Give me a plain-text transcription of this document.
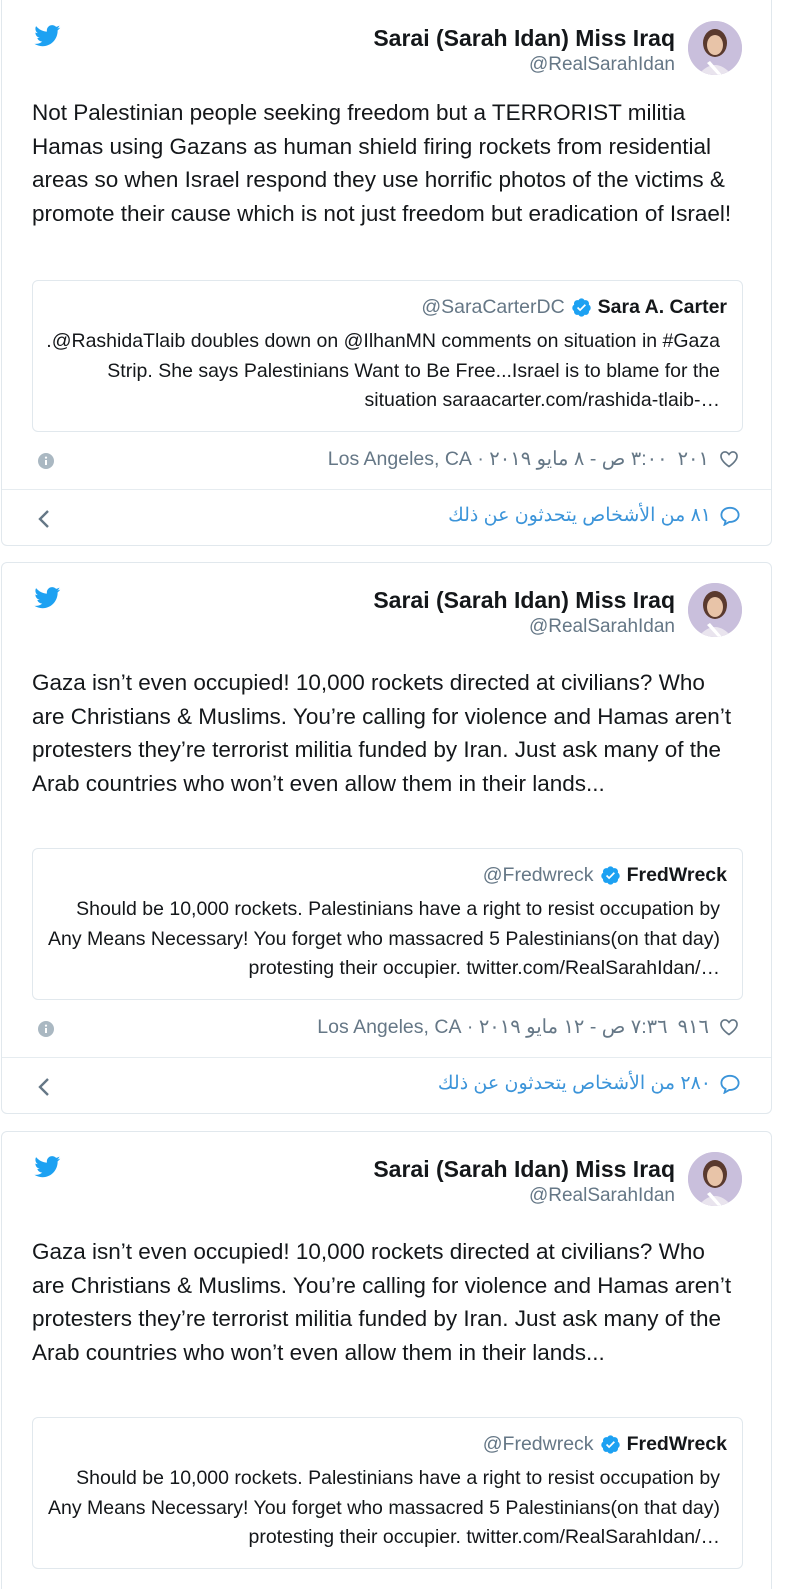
Sarai (Sarah Idan) Miss Iraq
@RealSarahIdan
Not Palestinian people seeking freedom but a TERRORIST militia Hamas using Gazans as human shield firing rockets from residential areas so when Israel respond they use horrific photos of the victims & promote their cause which is not just freedom but eradication of Israel!
@SaraCarterDC Sara A. Carter
.@RashidaTlaib doubles down on @IlhanMN comments on situation in #Gaza Strip. She says Palestinians Want to Be Free...Israel is to blame for the situation saraacarter.com/rashida-tlaib-…
٣:٠٠ ص - ٨ مايو ٢٠١٩ · Los Angeles, CA ٢٠١
٨١ من الأشخاص يتحدثون عن ذلك
Sarai (Sarah Idan) Miss Iraq
@RealSarahIdan
Gaza isn’t even occupied! 10,000 rockets directed at civilians? Who are Christians & Muslims. You’re calling for violence and Hamas aren’t protesters they’re terrorist militia funded by Iran. Just ask many of the Arab countries who won’t even allow them in their lands...
@Fredwreck FredWreck
Should be 10,000 rockets. Palestinians have a right to resist occupation by Any Means Necessary! You forget who massacred 5 Palestinians(on that day) protesting their occupier. twitter.com/RealSarahIdan/…
٧:٣٦ ص - ١٢ مايو ٢٠١٩ · Los Angeles, CA ٩١٦
٢٨٠ من الأشخاص يتحدثون عن ذلك
Sarai (Sarah Idan) Miss Iraq
@RealSarahIdan
Gaza isn’t even occupied! 10,000 rockets directed at civilians? Who are Christians & Muslims. You’re calling for violence and Hamas aren’t protesters they’re terrorist militia funded by Iran. Just ask many of the Arab countries who won’t even allow them in their lands...
@Fredwreck FredWreck
Should be 10,000 rockets. Palestinians have a right to resist occupation by Any Means Necessary! You forget who massacred 5 Palestinians(on that day) protesting their occupier. twitter.com/RealSarahIdan/…
